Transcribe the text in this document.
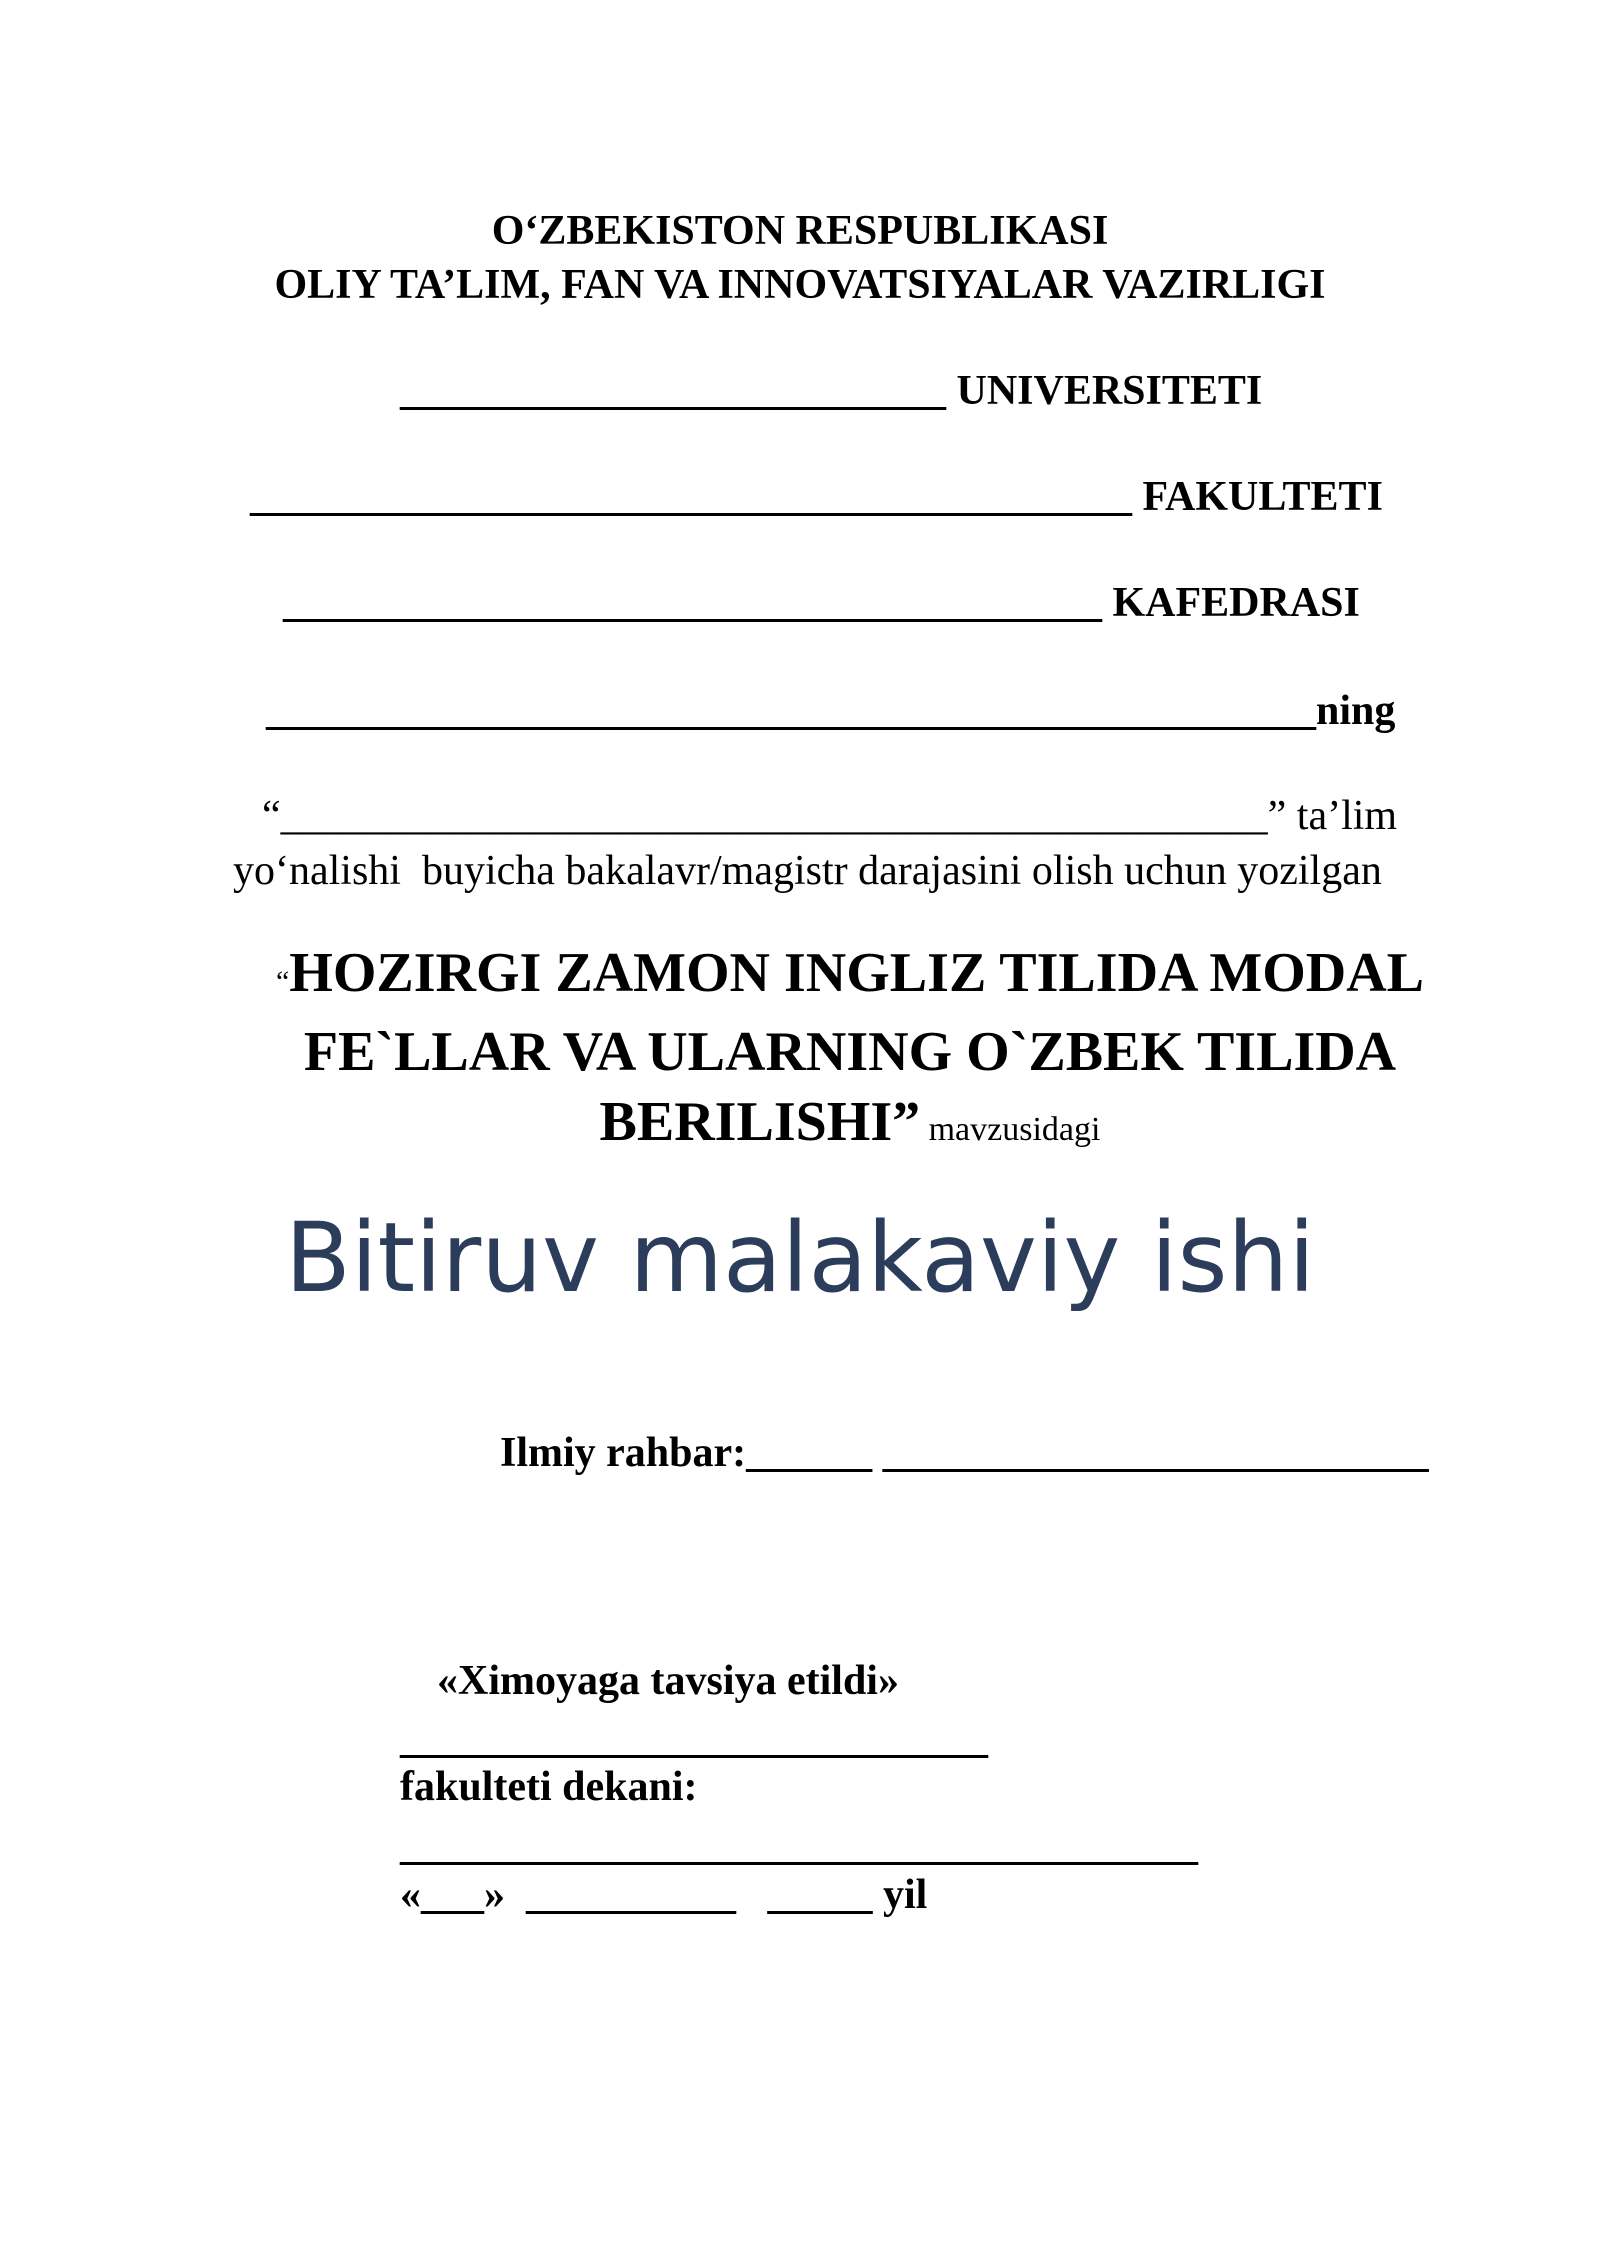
O‘ZBEKISTON RESPUBLIKASI
OLIY TA’LIM, FAN VA INNOVATSIYALAR VAZIRLIGI
__________________________ UNIVERSITETI
__________________________________________ FAKULTETI
_______________________________________ KAFEDRASI
__________________________________________________ning
“_______________________________________________” ta’lim
yo‘nalishi  buyicha bakalavr/magistr darajasini olish uchun yozilgan
“HOZIRGI ZAMON INGLIZ TILIDA MODAL FE`LLAR VA ULARNING O`ZBEK TILIDA BERILISHI” mavzusidagi
Bitiruv malakaviy ishi
Ilmiy rahbar:______ __________________________
«Ximoyaga tavsiya etildi»
____________________________
fakulteti dekani:
______________________________________
«___»  __________   _____ yil
